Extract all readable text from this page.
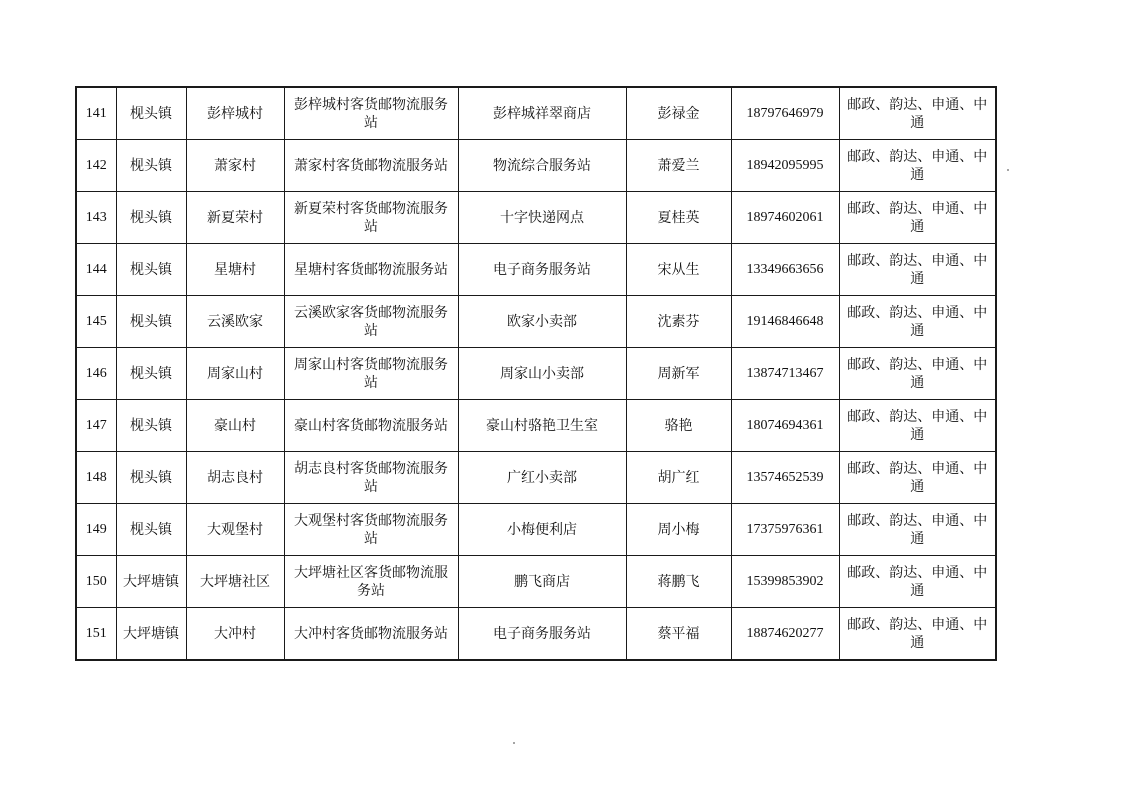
141	枧头镇	彭梓城村	彭梓城村客货邮物流服务站	彭梓城祥翠商店	彭禄金	18797646979	邮政、韵达、申通、中通
142	枧头镇	萧家村	萧家村客货邮物流服务站	物流综合服务站	萧爱兰	18942095995	邮政、韵达、申通、中通
143	枧头镇	新夏荣村	新夏荣村客货邮物流服务站	十字快递网点	夏桂英	18974602061	邮政、韵达、申通、中通
144	枧头镇	星塘村	星塘村客货邮物流服务站	电子商务服务站	宋从生	13349663656	邮政、韵达、申通、中通
145	枧头镇	云溪欧家	云溪欧家客货邮物流服务站	欧家小卖部	沈素芬	19146846648	邮政、韵达、申通、中通
146	枧头镇	周家山村	周家山村客货邮物流服务站	周家山小卖部	周新军	13874713467	邮政、韵达、申通、中通
147	枧头镇	豪山村	豪山村客货邮物流服务站	豪山村骆艳卫生室	骆艳	18074694361	邮政、韵达、申通、中通
148	枧头镇	胡志良村	胡志良村客货邮物流服务站	广红小卖部	胡广红	13574652539	邮政、韵达、申通、中通
149	枧头镇	大观堡村	大观堡村客货邮物流服务站	小梅便利店	周小梅	17375976361	邮政、韵达、申通、中通
150	大坪塘镇	大坪塘社区	大坪塘社区客货邮物流服务站	鹏飞商店	蒋鹏飞	15399853902	邮政、韵达、申通、中通
151	大坪塘镇	大冲村	大冲村客货邮物流服务站	电子商务服务站	蔡平福	18874620277	邮政、韵达、申通、中通
